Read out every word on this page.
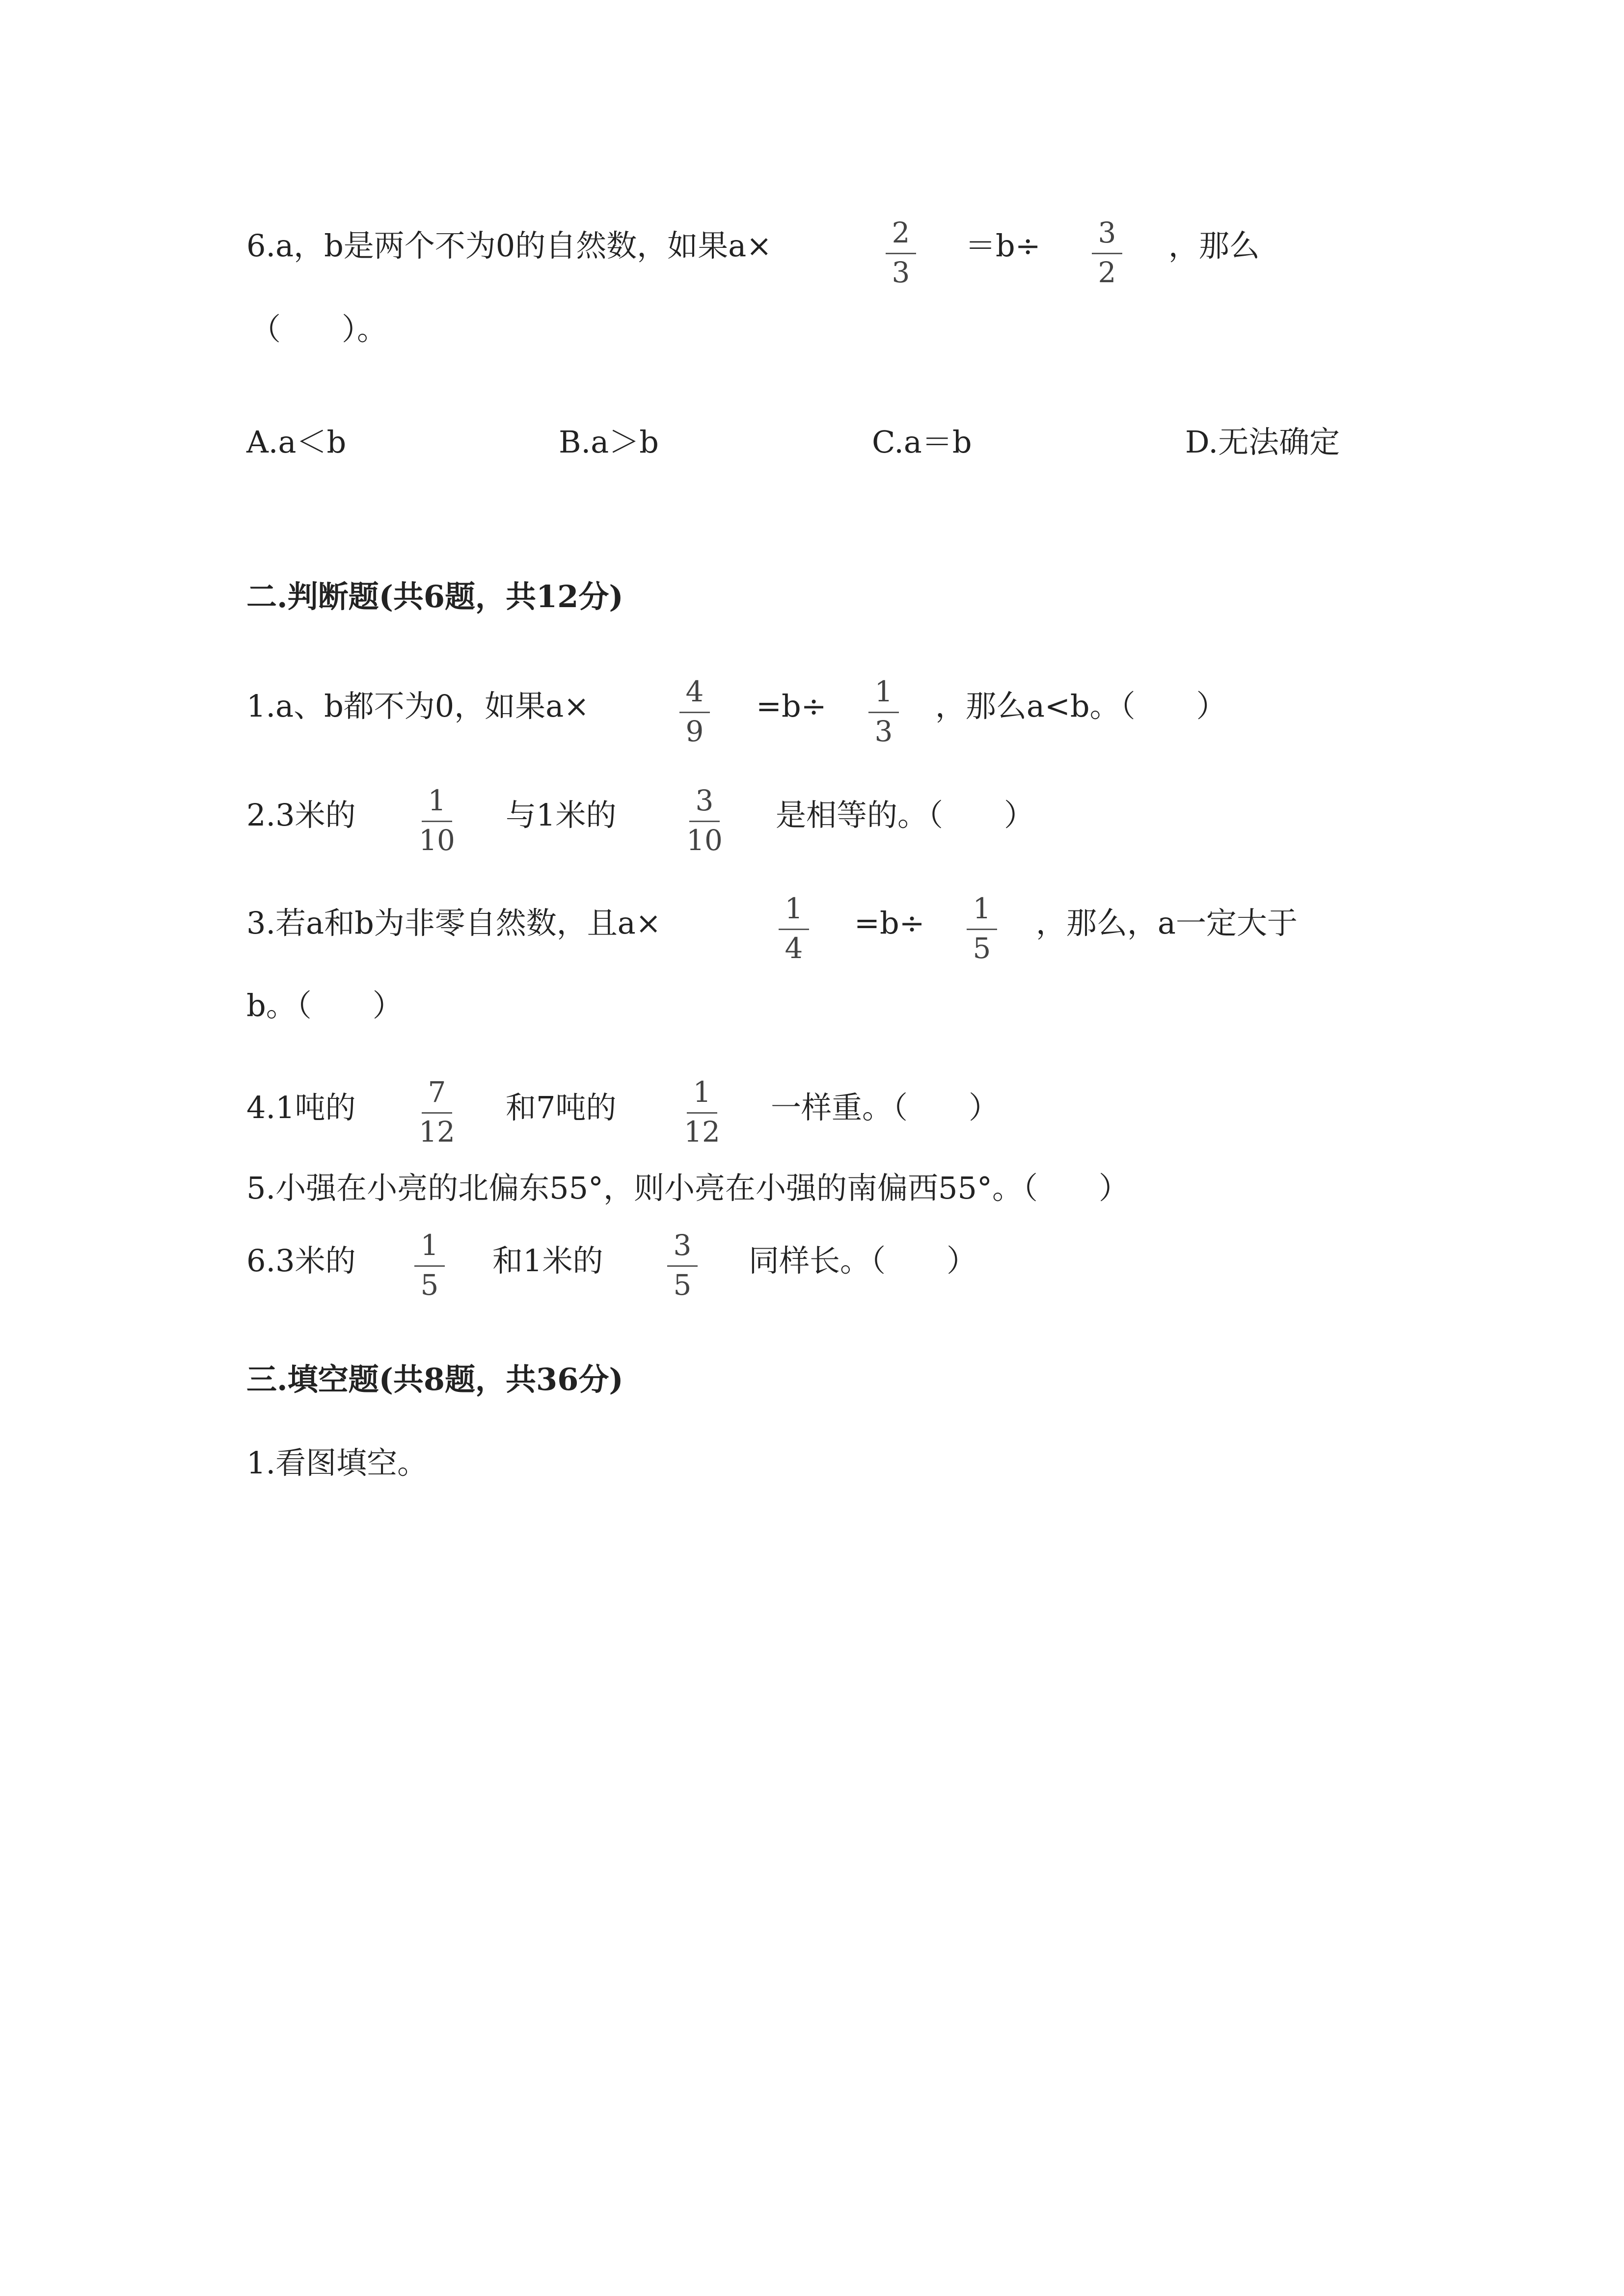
6.a，b是两个不为0的自然数，如果a×	2
3
＝b÷	3
2
，那么
（　　）。
A.a＜b	B.a＞b	C.a＝b	D.无法确定
二.判断题(共6题，共12分)
1.a、b都不为0，如果a×	4
9
=b÷	1
3
，那么a<b。（　　）
2.3米的	1
10
与1米的	3
10
是相等的。（　　）
3.若a和b为非零自然数，且a×	1
4
=b÷	1
5
，那么，a一定大于
b。（　　）
4.1吨的	7
12
和7吨的	1
12
一样重。（　　）
5.小强在小亮的北偏东55°，则小亮在小强的南偏西55°。（　　）
6.3米的	1
5
和1米的	3
5
同样长。（　　）
三.填空题(共8题，共36分)
1.看图填空。
